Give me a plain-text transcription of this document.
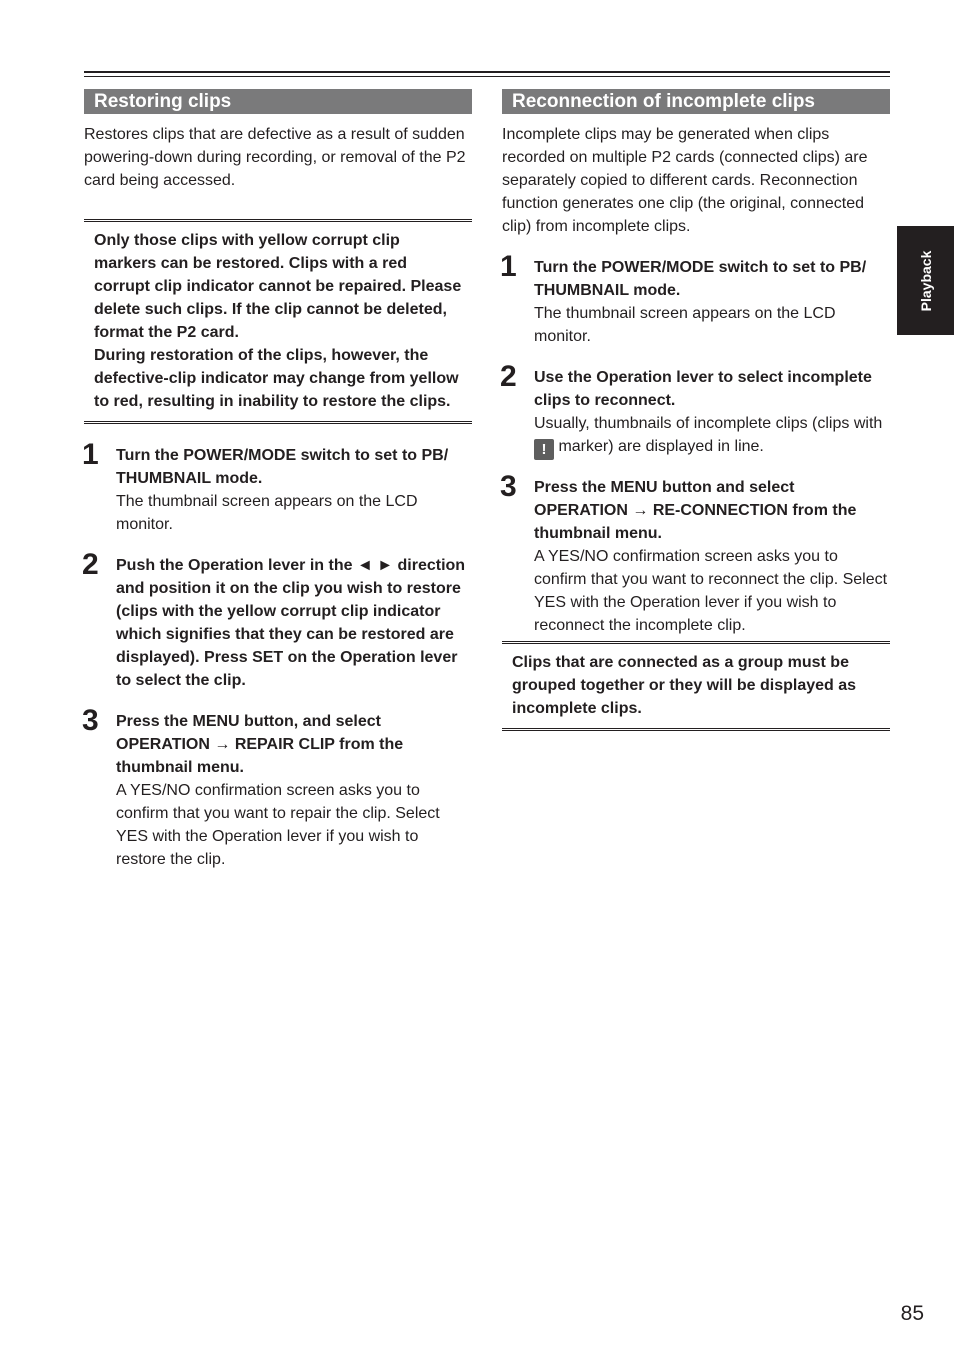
Restoring clips

Restores clips that are defective as a result of sudden powering-down during recording, or removal of the P2 card being accessed.

Only those clips with yellow corrupt clip markers can be restored. Clips with a red corrupt clip indicator cannot be repaired. Please delete such clips. If the clip cannot be deleted, format the P2 card.

During restoration of the clips, however, the defective-clip indicator may change from yellow to red, resulting in inability to restore the clips.

1 Turn the POWER/MODE switch to set to PB/ THUMBNAIL mode.

The thumbnail screen appears on the LCD monitor.

2 Push the Operation lever in the ◄ ► direction and position it on the clip you wish to restore (clips with the yellow corrupt clip indicator which signifies that they can be restored are displayed). Press SET on the Operation lever to select the clip.

3 Press the MENU button, and select OPERATION → REPAIR CLIP from the thumbnail menu.

A YES/NO confirmation screen asks you to confirm that you want to repair the clip. Select YES with the Operation lever if you wish to restore the clip.

Reconnection of incomplete clips

Incomplete clips may be generated when clips recorded on multiple P2 cards (connected clips) are separately copied to different cards. Reconnection function generates one clip (the original, connected clip) from incomplete clips.

1 Turn the POWER/MODE switch to set to PB/ THUMBNAIL mode.

The thumbnail screen appears on the LCD monitor.

2 Use the Operation lever to select incomplete clips to reconnect.

Usually, thumbnails of incomplete clips (clips with ! marker) are displayed in line.

3 Press the MENU button and select OPERATION → RE-CONNECTION from the thumbnail menu.

A YES/NO confirmation screen asks you to confirm that you want to reconnect the clip. Select YES with the Operation lever if you wish to reconnect the incomplete clip.

Clips that are connected as a group must be grouped together or they will be displayed as incomplete clips.

Playback
85
